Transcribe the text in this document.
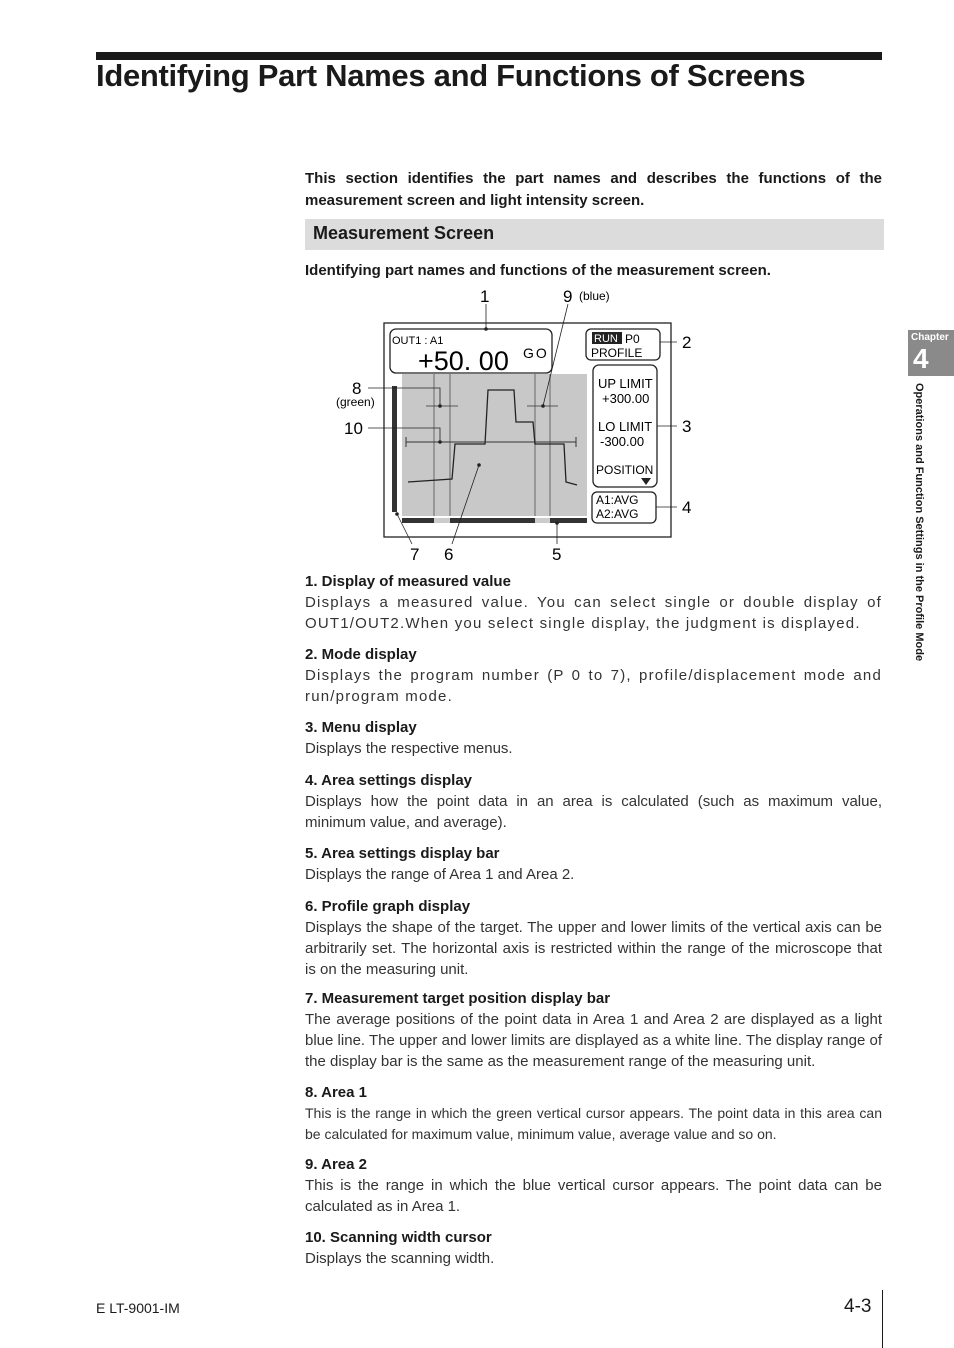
Identifying Part Names and Functions of Screens

This section identifies the part names and describes the functions of the measurement screen and light intensity screen.

Measurement Screen

Identifying part names and functions of the measurement screen.

OUT1 : A1
+50. 00 GO
RUN P0
PROFILE
UP LIMIT
+300.00
LO LIMIT
-300.00
POSITION
A1:AVG
A2:AVG
1	9 (blue)
2
3
4
8
(green)
10
7 6	5

1. Display of measured value

Displays a measured value. You can select single or double display of OUT1/OUT2.When you select single display, the judgment is displayed.

2. Mode display

Displays the program number (P 0 to 7), profile/displacement mode and run/program mode.

3. Menu display

Displays the respective menus.

4. Area settings display

Displays how the point data in an area is calculated (such as maximum value, minimum value, and average).

5. Area settings display bar

Displays the range of Area 1 and Area 2.

6. Profile graph display

Displays the shape of the target. The upper and lower limits of the vertical axis can be arbitrarily set. The horizontal axis is restricted within the range of the microscope that is on the measuring unit.

7. Measurement target position display bar

The average positions of the point data in Area 1 and Area 2 are displayed as a light blue line. The upper and lower limits are displayed as a white line. The display range of the display bar is the same as the measurement range of the measuring unit.

8. Area 1

This is the range in which the green vertical cursor appears. The point data in this area can be calculated for maximum value, minimum value, average value and so on.

9. Area 2

This is the range in which the blue vertical cursor appears. The point data can be calculated as in Area 1.

10. Scanning width cursor

Displays the scanning width.

Chapter
4
Operations and Function Settings in the Profile Mode
E LT-9001-IM	4-3
